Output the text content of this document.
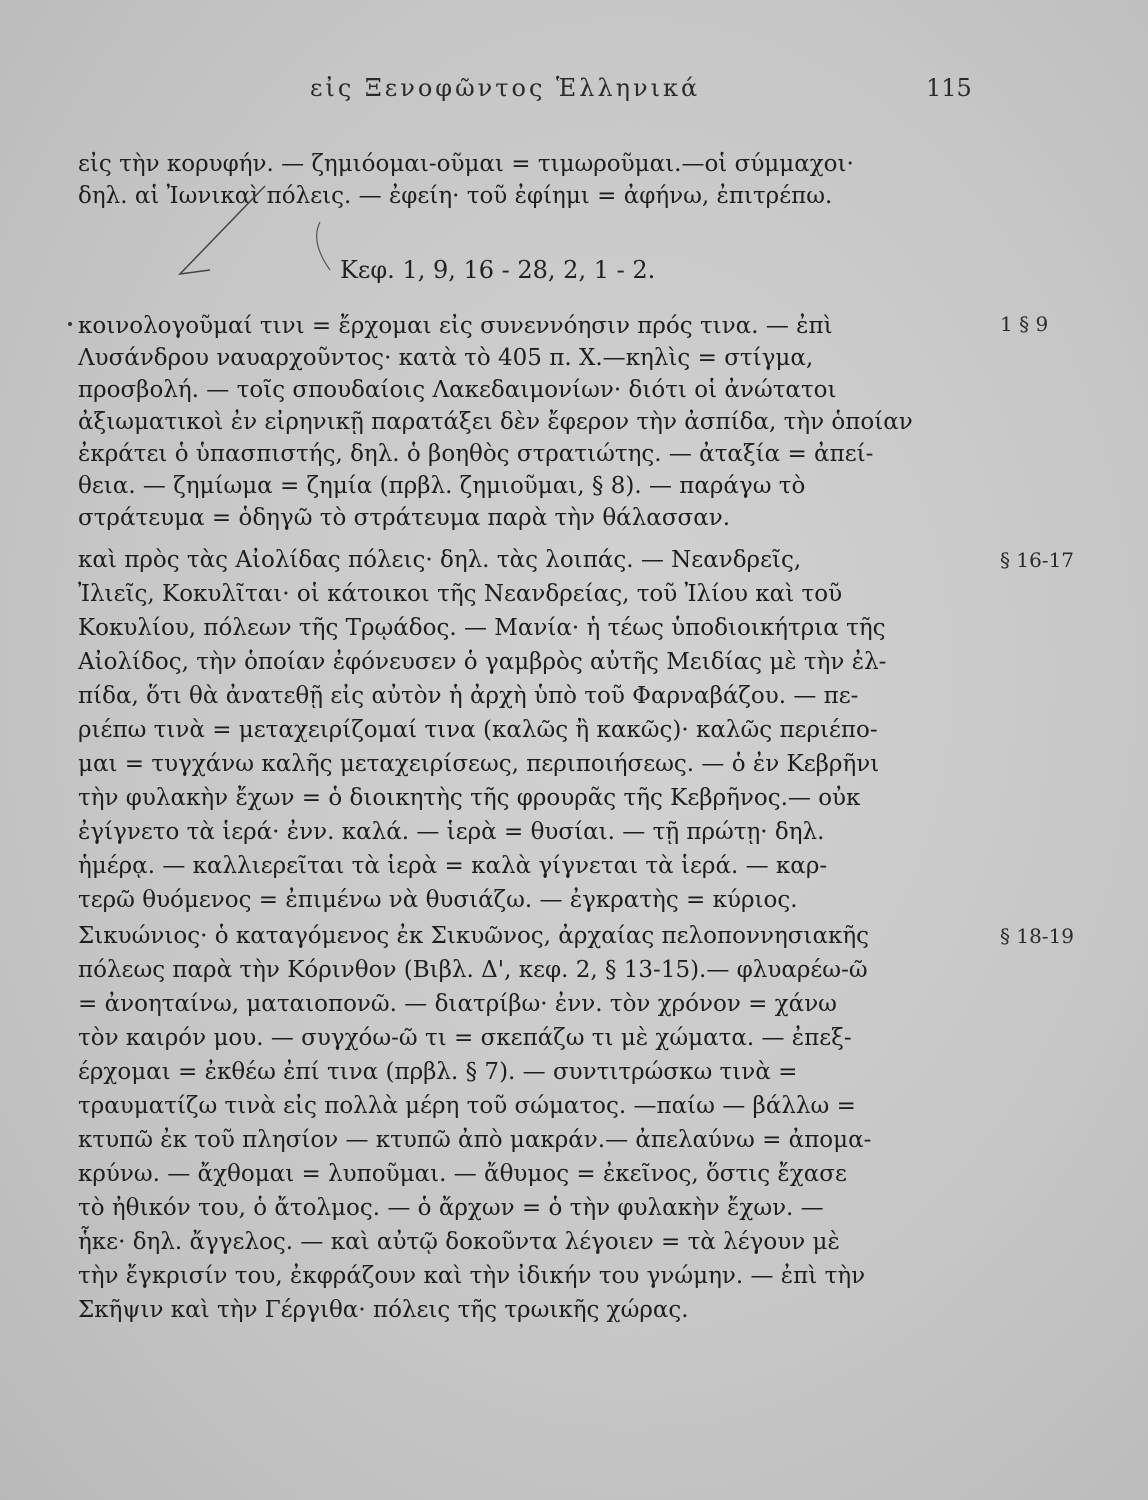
εἰς Ξενοφῶντος Ἑλληνικά	115
εἰς τὴν κορυφήν. — ζημιόομαι-οῦμαι = τιμωροῦμαι.—οἱ σύμμαχοι·
δηλ. αἱ Ἰωνικαὶ πόλεις. — ἐφείη· τοῦ ἐφίημι = ἀφήνω, ἐπιτρέπω.
Κεφ. 1, 9, 16 - 28, 2, 1 - 2.
κοινολογοῦμαί τινι = ἔρχομαι εἰς συνεννόησιν πρός τινα. — ἐπὶ
Λυσάνδρου ναυαρχοῦντος· κατὰ τὸ 405 π. Χ.—κηλὶς = στίγμα,
προσβολή. — τοῖς σπουδαίοις Λακεδαιμονίων· διότι οἱ ἀνώτατοι
ἀξιωματικοὶ ἐν εἰρηνικῇ παρατάξει δὲν ἔφερον τὴν ἀσπίδα, τὴν ὁποίαν
ἐκράτει ὁ ὑπασπιστής, δηλ. ὁ βοηθὸς στρατιώτης. — ἀταξία = ἀπεί-
θεια. — ζημίωμα = ζημία (πρβλ. ζημιοῦμαι, § 8). — παράγω τὸ
στράτευμα = ὁδηγῶ τὸ στράτευμα παρὰ τὴν θάλασσαν.
καὶ πρὸς τὰς Αἰολίδας πόλεις· δηλ. τὰς λοιπάς. — Νεανδρεῖς,
Ἰλιεῖς, Κοκυλῖται· οἱ κάτοικοι τῆς Νεανδρείας, τοῦ Ἰλίου καὶ τοῦ
Κοκυλίου, πόλεων τῆς Τρῳάδος. — Μανία· ἡ τέως ὑποδιοικήτρια τῆς
Αἰολίδος, τὴν ὁποίαν ἐφόνευσεν ὁ γαμβρὸς αὐτῆς Μειδίας μὲ τὴν ἐλ-
πίδα, ὅτι θὰ ἀνατεθῇ εἰς αὐτὸν ἡ ἀρχὴ ὑπὸ τοῦ Φαρναβάζου. — πε-
ριέπω τινὰ = μεταχειρίζομαί τινα (καλῶς ἢ κακῶς)· καλῶς περιέπο-
μαι = τυγχάνω καλῆς μεταχειρίσεως, περιποιήσεως. — ὁ ἐν Κεβρῆνι
τὴν φυλακὴν ἔχων = ὁ διοικητὴς τῆς φρουρᾶς τῆς Κεβρῆνος.— οὐκ
ἐγίγνετο τὰ ἱερά· ἐνν. καλά. — ἱερὰ = θυσίαι. — τῇ πρώτῃ· δηλ.
ἡμέρᾳ. — καλλιερεῖται τὰ ἱερὰ = καλὰ γίγνεται τὰ ἱερά. — καρ-
τερῶ θυόμενος = ἐπιμένω νὰ θυσιάζω. — ἐγκρατὴς = κύριος.
Σικυώνιος· ὁ καταγόμενος ἐκ Σικυῶνος, ἀρχαίας πελοποννησιακῆς
πόλεως παρὰ τὴν Κόρινθον (Βιβλ. Δ', κεφ. 2, § 13-15).— φλυαρέω-ῶ
= ἀνοηταίνω, ματαιοπονῶ. — διατρίβω· ἐνν. τὸν χρόνον = χάνω
τὸν καιρόν μου. — συγχόω-ῶ τι = σκεπάζω τι μὲ χώματα. — ἐπεξ-
έρχομαι = ἐκθέω ἐπί τινα (πρβλ. § 7). — συντιτρώσκω τινὰ =
τραυματίζω τινὰ εἰς πολλὰ μέρη τοῦ σώματος. —παίω — βάλλω =
κτυπῶ ἐκ τοῦ πλησίον — κτυπῶ ἀπὸ μακράν.— ἀπελαύνω = ἀπομα-
κρύνω. — ἄχθομαι = λυποῦμαι. — ἄθυμος = ἐκεῖνος, ὅστις ἔχασε
τὸ ἠθικόν του, ὁ ἄτολμος. — ὁ ἄρχων = ὁ τὴν φυλακὴν ἔχων. —
ἧκε· δηλ. ἄγγελος. — καὶ αὐτῷ δοκοῦντα λέγοιεν = τὰ λέγουν μὲ
τὴν ἔγκρισίν του, ἐκφράζουν καὶ τὴν ἰδικήν του γνώμην. — ἐπὶ τὴν
Σκῆψιν καὶ τὴν Γέργιθα· πόλεις τῆς τρωικῆς χώρας.
1 § 9
§ 16-17
§ 18-19
